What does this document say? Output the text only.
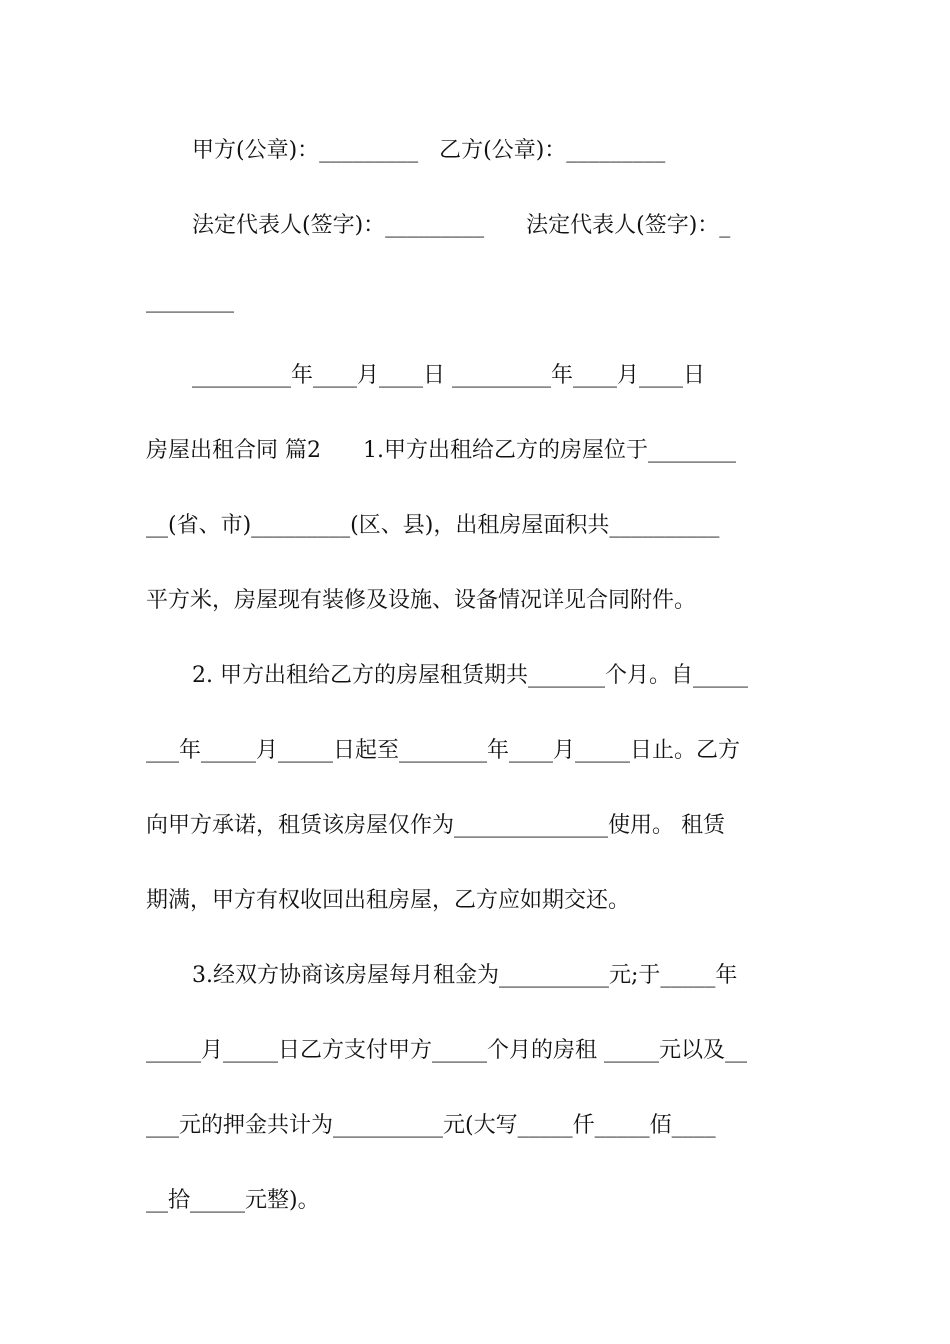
甲方(公章)：_________   乙方(公章)：_________
法定代表人(签字)：_________      法定代表人(签字)：_
________
_________年____月____日 _________年____月____日
房屋出租合同 篇2      1.甲方出租给乙方的房屋位于________
__(省、市)_________(区、县)，出租房屋面积共__________
平方米，房屋现有装修及设施、设备情况详见合同附件。
2. 甲方出租给乙方的房屋租赁期共_______个月。自_____
___年_____月_____日起至________年____月_____日止。乙方
向甲方承诺，租赁该房屋仅作为______________使用。 租赁
期满，甲方有权收回出租房屋，乙方应如期交还。
3.经双方协商该房屋每月租金为__________元;于_____年
_____月_____日乙方支付甲方_____个月的房租 _____元以及__
___元的押金共计为__________元(大写_____仟_____佰____
__拾_____元整)。
